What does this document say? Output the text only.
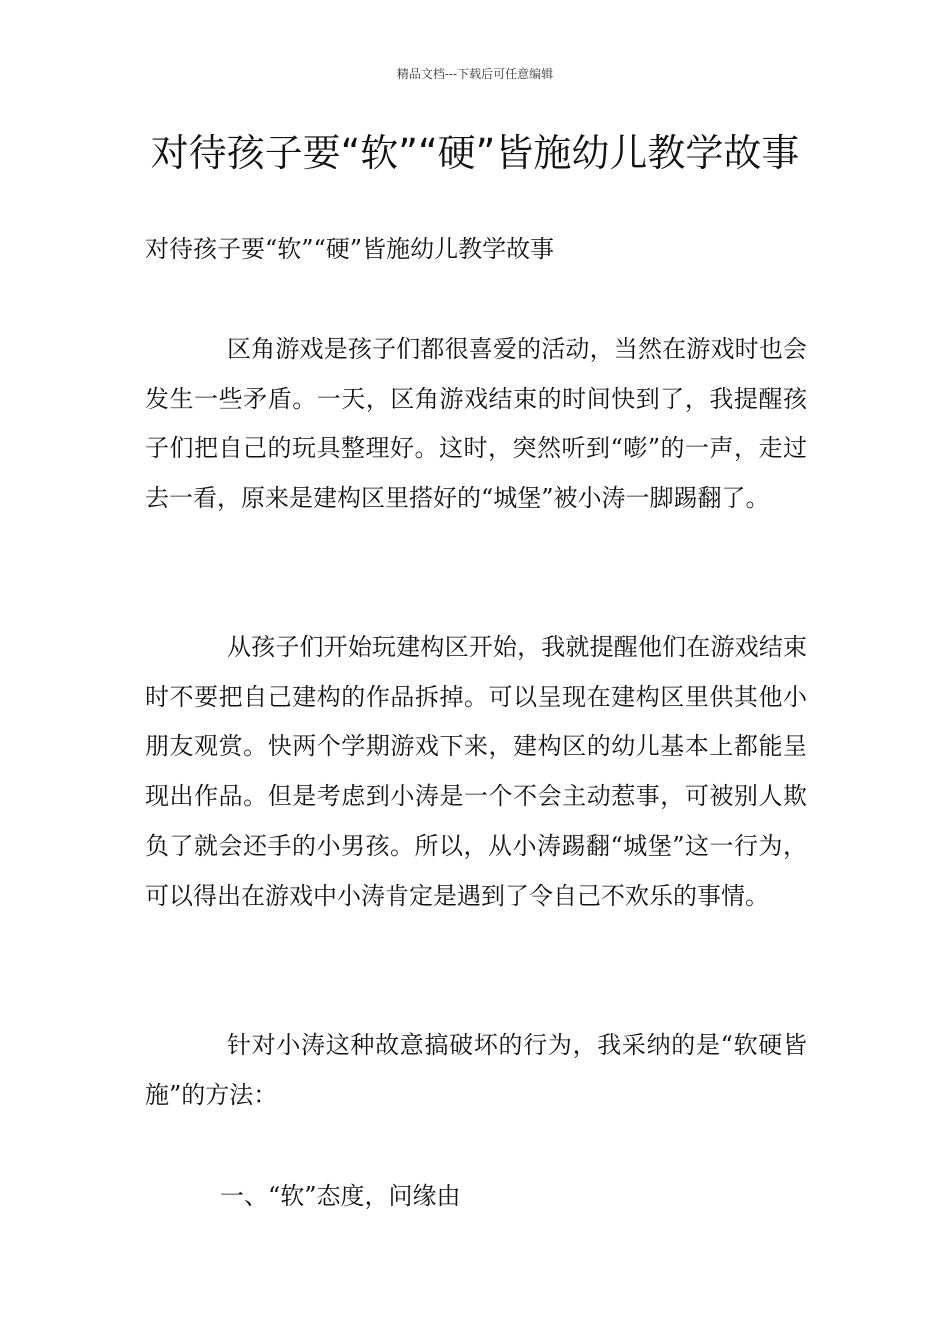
精品文档---下载后可任意编辑
对待孩子要“软”“硬”皆施幼儿教学故事
对待孩子要“软”“硬”皆施幼儿教学故事

区角游戏是孩子们都很喜爱的活动，当然在游戏时也会发生一些矛盾。一天，区角游戏结束的时间快到了，我提醒孩子们把自己的玩具整理好。这时，突然听到“嘭”的一声，走过去一看，原来是建构区里搭好的“城堡”被小涛一脚踢翻了。

从孩子们开始玩建构区开始，我就提醒他们在游戏结束时不要把自己建构的作品拆掉。可以呈现在建构区里供其他小朋友观赏。快两个学期游戏下来，建构区的幼儿基本上都能呈现出作品。但是考虑到小涛是一个不会主动惹事，可被别人欺负了就会还手的小男孩。所以，从小涛踢翻“城堡”这一行为，可以得出在游戏中小涛肯定是遇到了令自己不欢乐的事情。

针对小涛这种故意搞破坏的行为，我采纳的是“软硬皆施”的方法：

一、“软”态度，问缘由
